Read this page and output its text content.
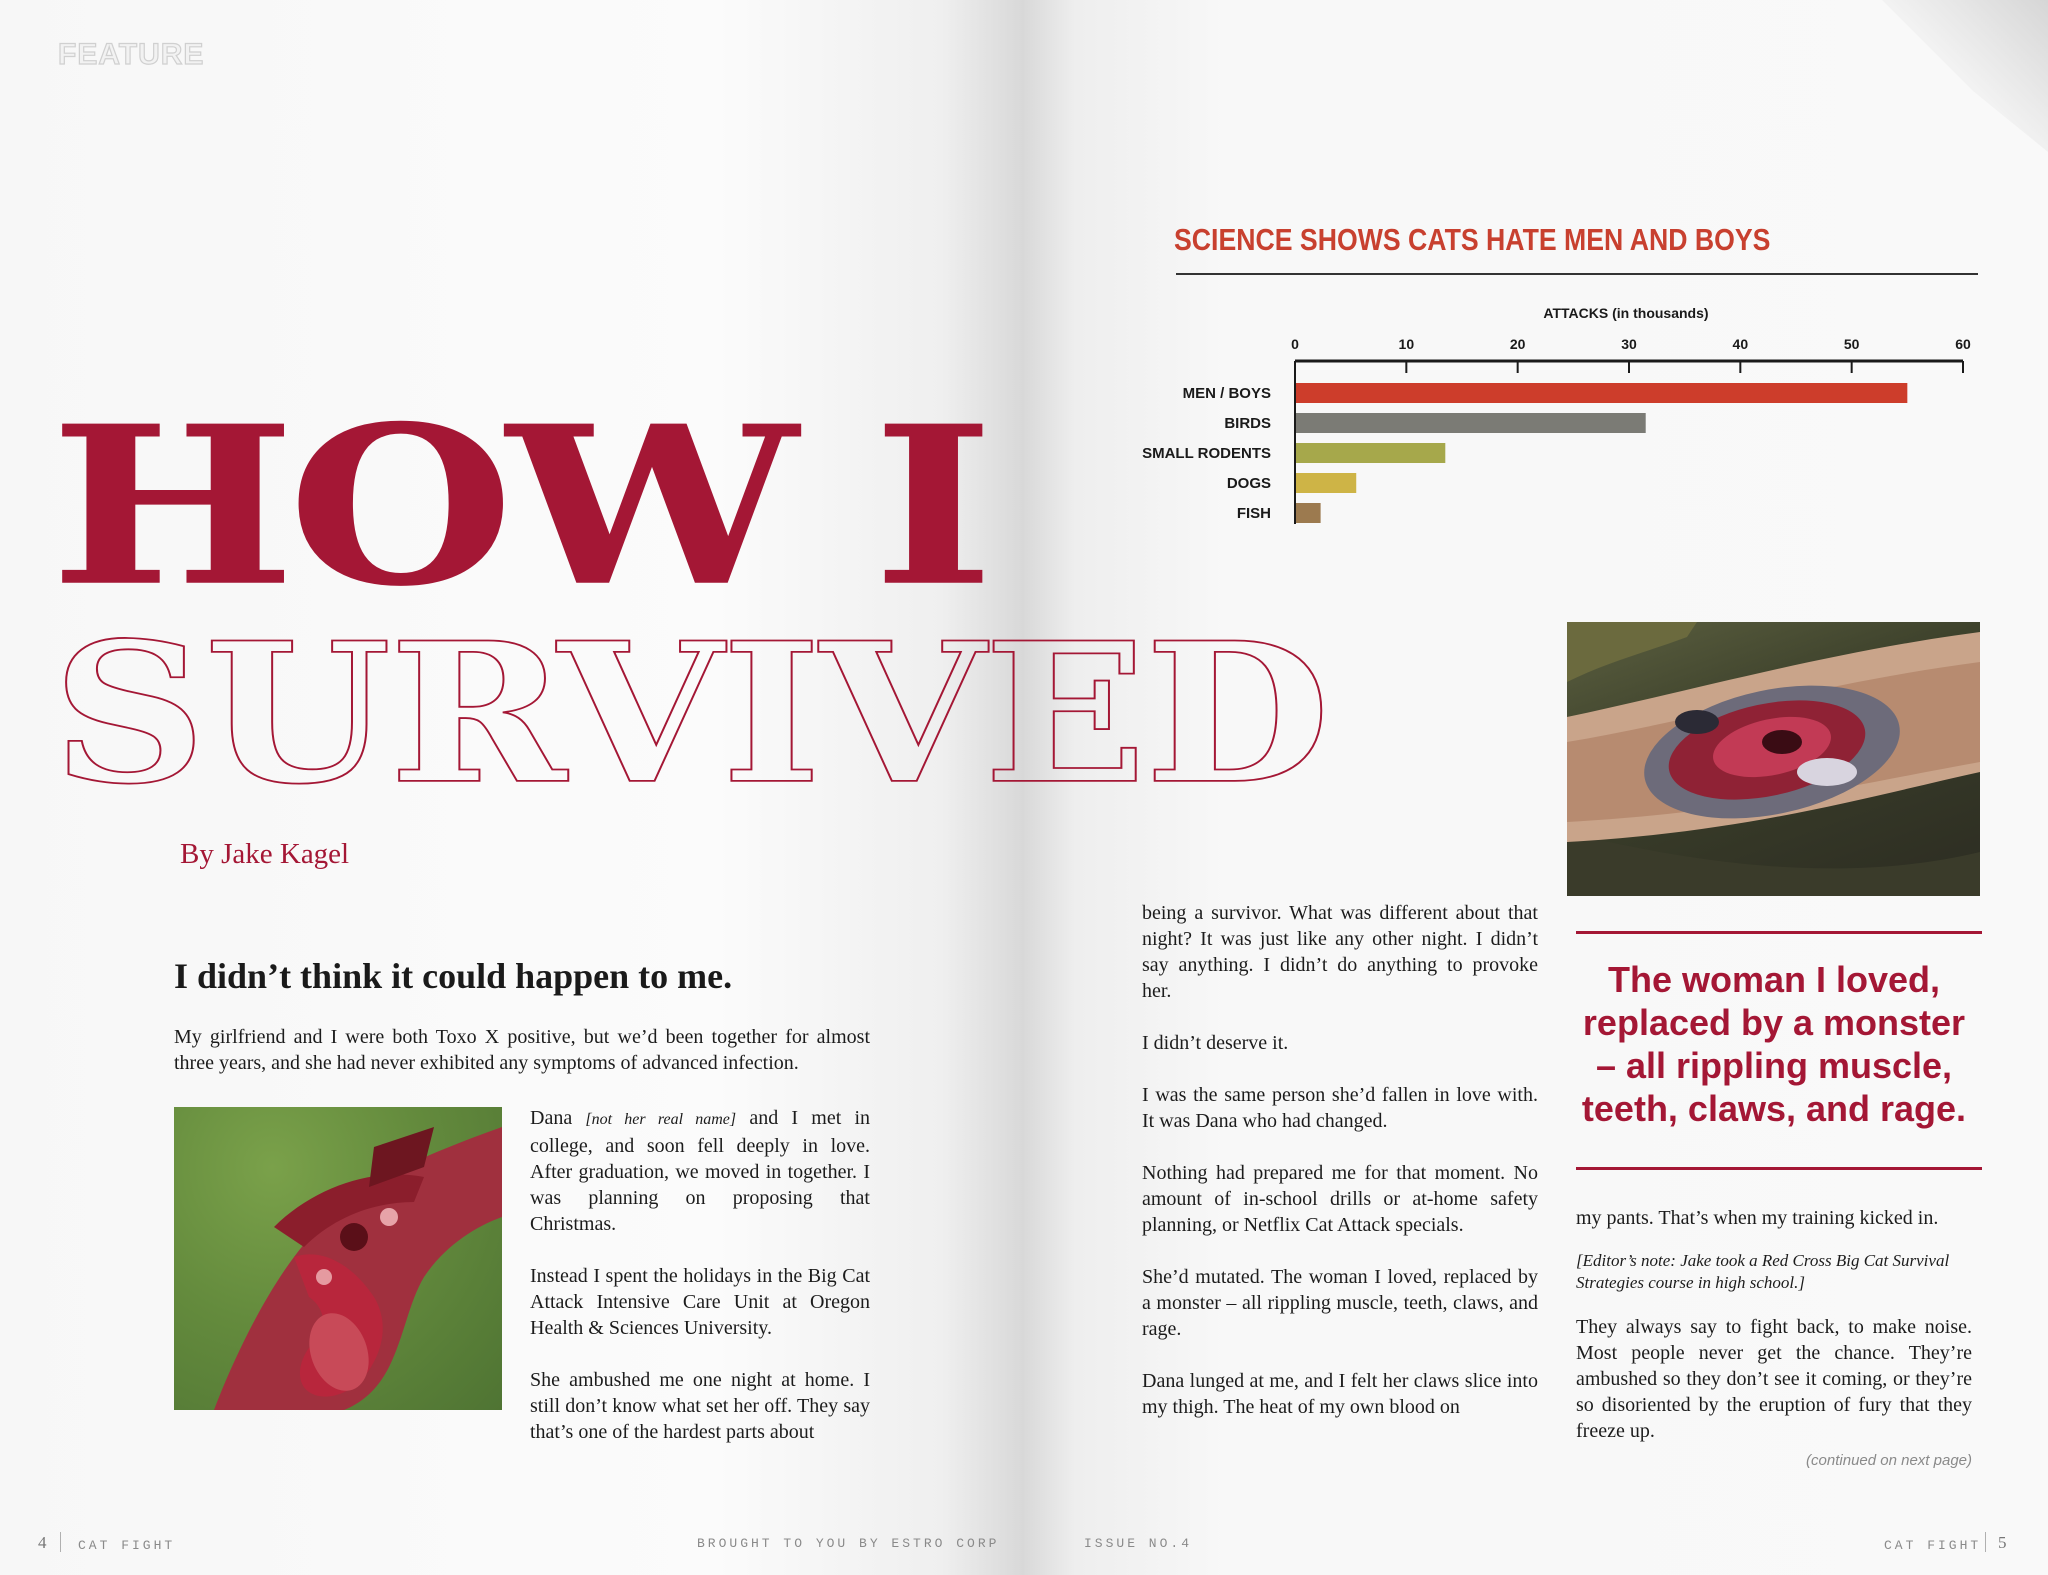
FEATURE
HOW I
SURVIVED
By Jake Kagel
I didn’t think it could happen to me.
My girlfriend and I were both Toxo X positive, but we’d been together for almost three years, and she had never exhibited any symptoms of advanced infection.

Dana [not her real name] and I met in college, and soon fell deeply in love. After graduation, we moved in together. I was planning on proposing that Christmas.

Instead I spent the holidays in the Big Cat Attack Intensive Care Unit at Oregon Health & Sciences University.

She ambushed me one night at home. I still don’t know what set her off. They say that’s one of the hardest parts about

4 CAT FIGHT	BROUGHT TO YOU BY ESTRO CORP
SCIENCE SHOWS CATS HATE MEN AND BOYS
ATTACKS (in thousands)
0	10	20	30	40	50	60
MEN / BOYS
BIRDS
SMALL RODENTS
DOGS
FISH

being a survivor. What was different about that night? It was just like any other night. I didn’t say anything. I didn’t do anything to provoke her.

I didn’t deserve it.

I was the same person she’d fallen in love with. It was Dana who had changed.

Nothing had prepared me for that moment. No amount of in-school drills or at-home safety planning, or Netflix Cat Attack specials.

She’d mutated. The woman I loved, replaced by a monster – all rippling muscle, teeth, claws, and rage.

Dana lunged at me, and I felt her claws slice into my thigh. The heat of my own blood on

The woman I loved, replaced by a monster – all rippling muscle, teeth, claws, and rage.
my pants. That’s when my training kicked in.
[Editor’s note: Jake took a Red Cross Big Cat Survival Strategies course in high school.]
They always say to fight back, to make noise. Most people never get the chance. They’re ambushed so they don’t see it coming, or they’re so disoriented by the eruption of fury that they freeze up.
(continued on next page)
ISSUE NO.4	CAT FIGHT 5
